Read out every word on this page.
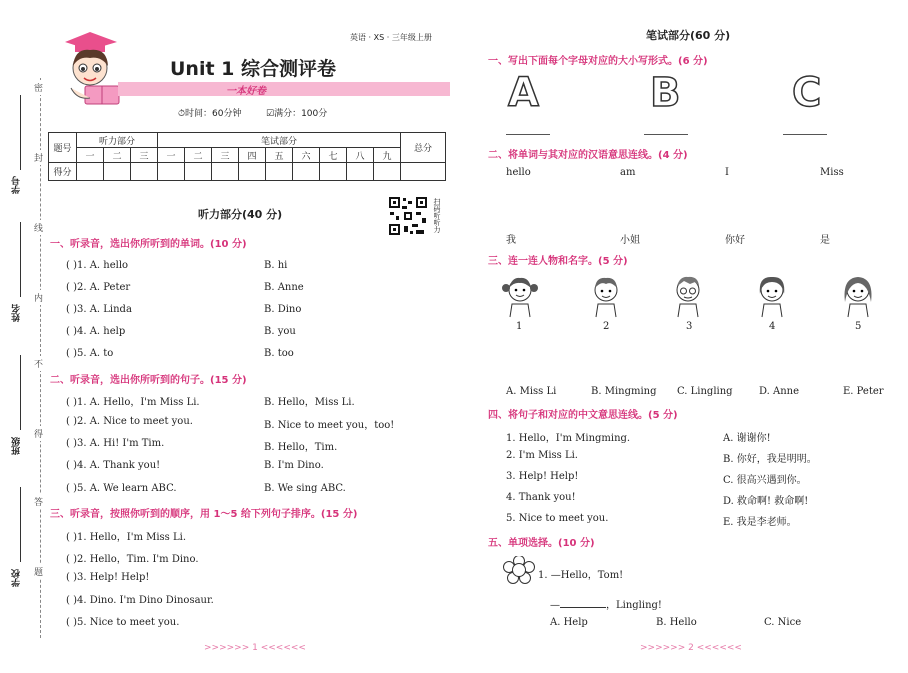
密
封
线
内
不
得
答
题
学号
姓名
班级
学校
Unit 1 综合测评卷
一本好卷
英语 · XS · 三年级上册
⏱时间：60分钟	☑满分：100分
题号	听力部分			笔试部分									总分
	一	二	三	一	二	三	四	五	六	七	八	九	
得分													
听力部分(40 分)	扫码听听力
一、听录音，选出你所听到的单词。(10 分)
( )1. A. hello	B. hi
( )2. A. Peter	B. Anne
( )3. A. Linda	B. Dino
( )4. A. help	B. you
( )5. A. to	B. too
二、听录音，选出你所听到的句子。(15 分)
( )1. A. Hello，I'm Miss Li.	B. Hello，Miss Li.
( )2. A. Nice to meet you.	B. Nice to meet you，too!
( )3. A. Hi! I'm Tim.	B. Hello，Tim.
( )4. A. Thank you!	B. I'm Dino.
( )5. A. We learn ABC.	B. We sing ABC.
三、听录音，按照你听到的顺序，用 1～5 给下列句子排序。(15 分)
( )1. Hello，I'm Miss Li.
( )2. Hello，Tim. I'm Dino.
( )3. Help! Help!
( )4. Dino. I'm Dino Dinosaur.
( )5. Nice to meet you.
>>>>>> 1 <<<<<<
笔试部分(60 分)
一、写出下面每个字母对应的大小写形式。(6 分)
A	B	C
二、将单词与其对应的汉语意思连线。(4 分)
hello	am	I	Miss
我	小姐	你好	是
三、连一连人物和名字。(5 分)
1	2	3	4	5
A. Miss Li	B. Mingming C. Lingling	D. Anne	E. Peter
四、将句子和对应的中文意思连线。(5 分)
1. Hello，I'm Mingming.	A. 谢谢你!
2. I'm Miss Li.	B. 你好，我是明明。
3. Help! Help!	C. 很高兴遇到你。
4. Thank you!	D. 救命啊! 救命啊!
5. Nice to meet you.	E. 我是李老师。
五、单项选择。(10 分)
1. —Hello，Tom!
—	，Lingling!
A. Help	B. Hello	C. Nice
>>>>>> 2 <<<<<<
